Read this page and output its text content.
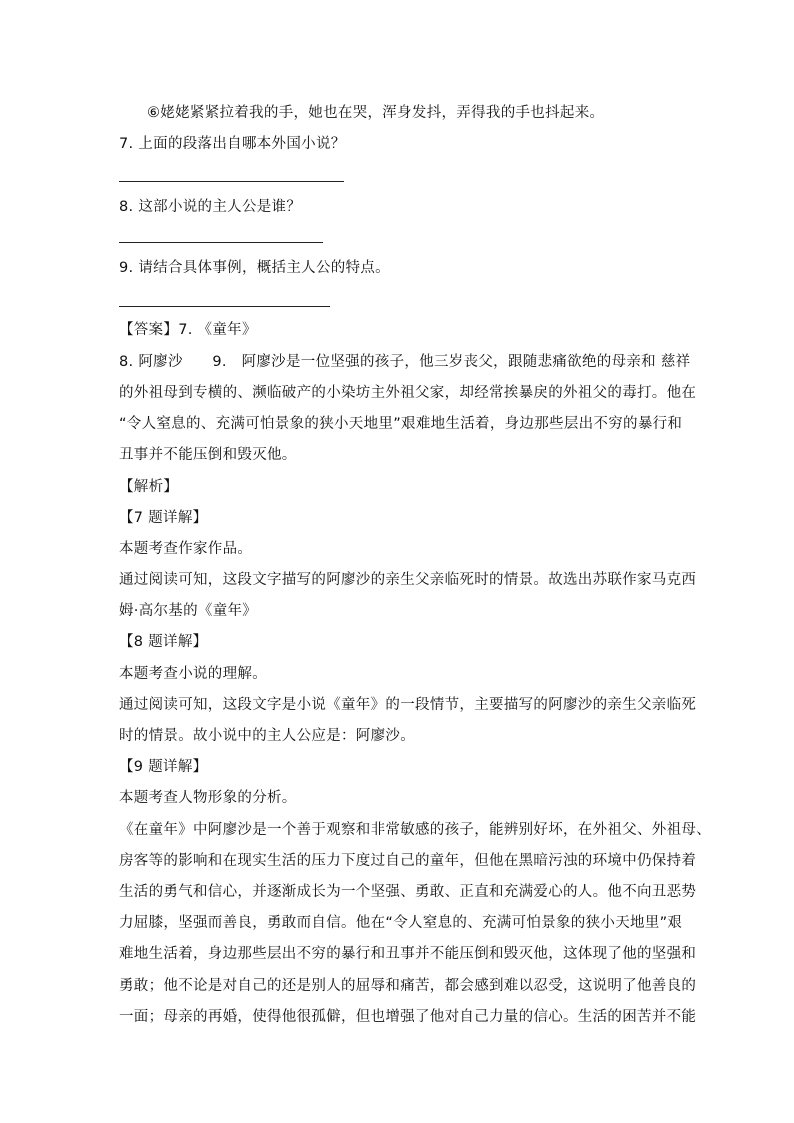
⑥姥姥紧紧拉着我的手，她也在哭，浑身发抖，弄得我的手也抖起来。
7. 上面的段落出自哪本外国小说？
8. 这部小说的主人公是谁？
9. 请结合具体事例，概括主人公的特点。
【答案】7. 《童年》
8. 阿廖沙　　9.　阿廖沙是一位坚强的孩子，他三岁丧父，跟随悲痛欲绝的母亲和 慈祥
的外祖母到专横的、濒临破产的小染坊主外祖父家，却经常挨暴戾的外祖父的毒打。他在
“令人窒息的、充满可怕景象的狭小天地里”艰难地生活着，身边那些层出不穷的暴行和
丑事并不能压倒和毁灭他。
【解析】
【7 题详解】
本题考查作家作品。
通过阅读可知，这段文字描写的阿廖沙的亲生父亲临死时的情景。故选出苏联作家马克西
姆·高尔基的《童年》
【8 题详解】
本题考查小说的理解。
通过阅读可知，这段文字是小说《童年》的一段情节，主要描写的阿廖沙的亲生父亲临死
时的情景。故小说中的主人公应是：阿廖沙。
【9 题详解】
本题考查人物形象的分析。
《在童年》中阿廖沙是一个善于观察和非常敏感的孩子，能辨别好坏，在外祖父、外祖母、
房客等的影响和在现实生活的压力下度过自己的童年，但他在黑暗污浊的环境中仍保持着
生活的勇气和信心，并逐渐成长为一个坚强、勇敢、正直和充满爱心的人。他不向丑恶势
力屈膝，坚强而善良，勇敢而自信。他在“令人窒息的、充满可怕景象的狭小天地里”艰
难地生活着，身边那些层出不穷的暴行和丑事并不能压倒和毁灭他，这体现了他的坚强和
勇敢；他不论是对自己的还是别人的屈辱和痛苦，都会感到难以忍受，这说明了他善良的
一面；母亲的再婚，使得他很孤僻，但也增强了他对自己力量的信心。生活的困苦并不能
